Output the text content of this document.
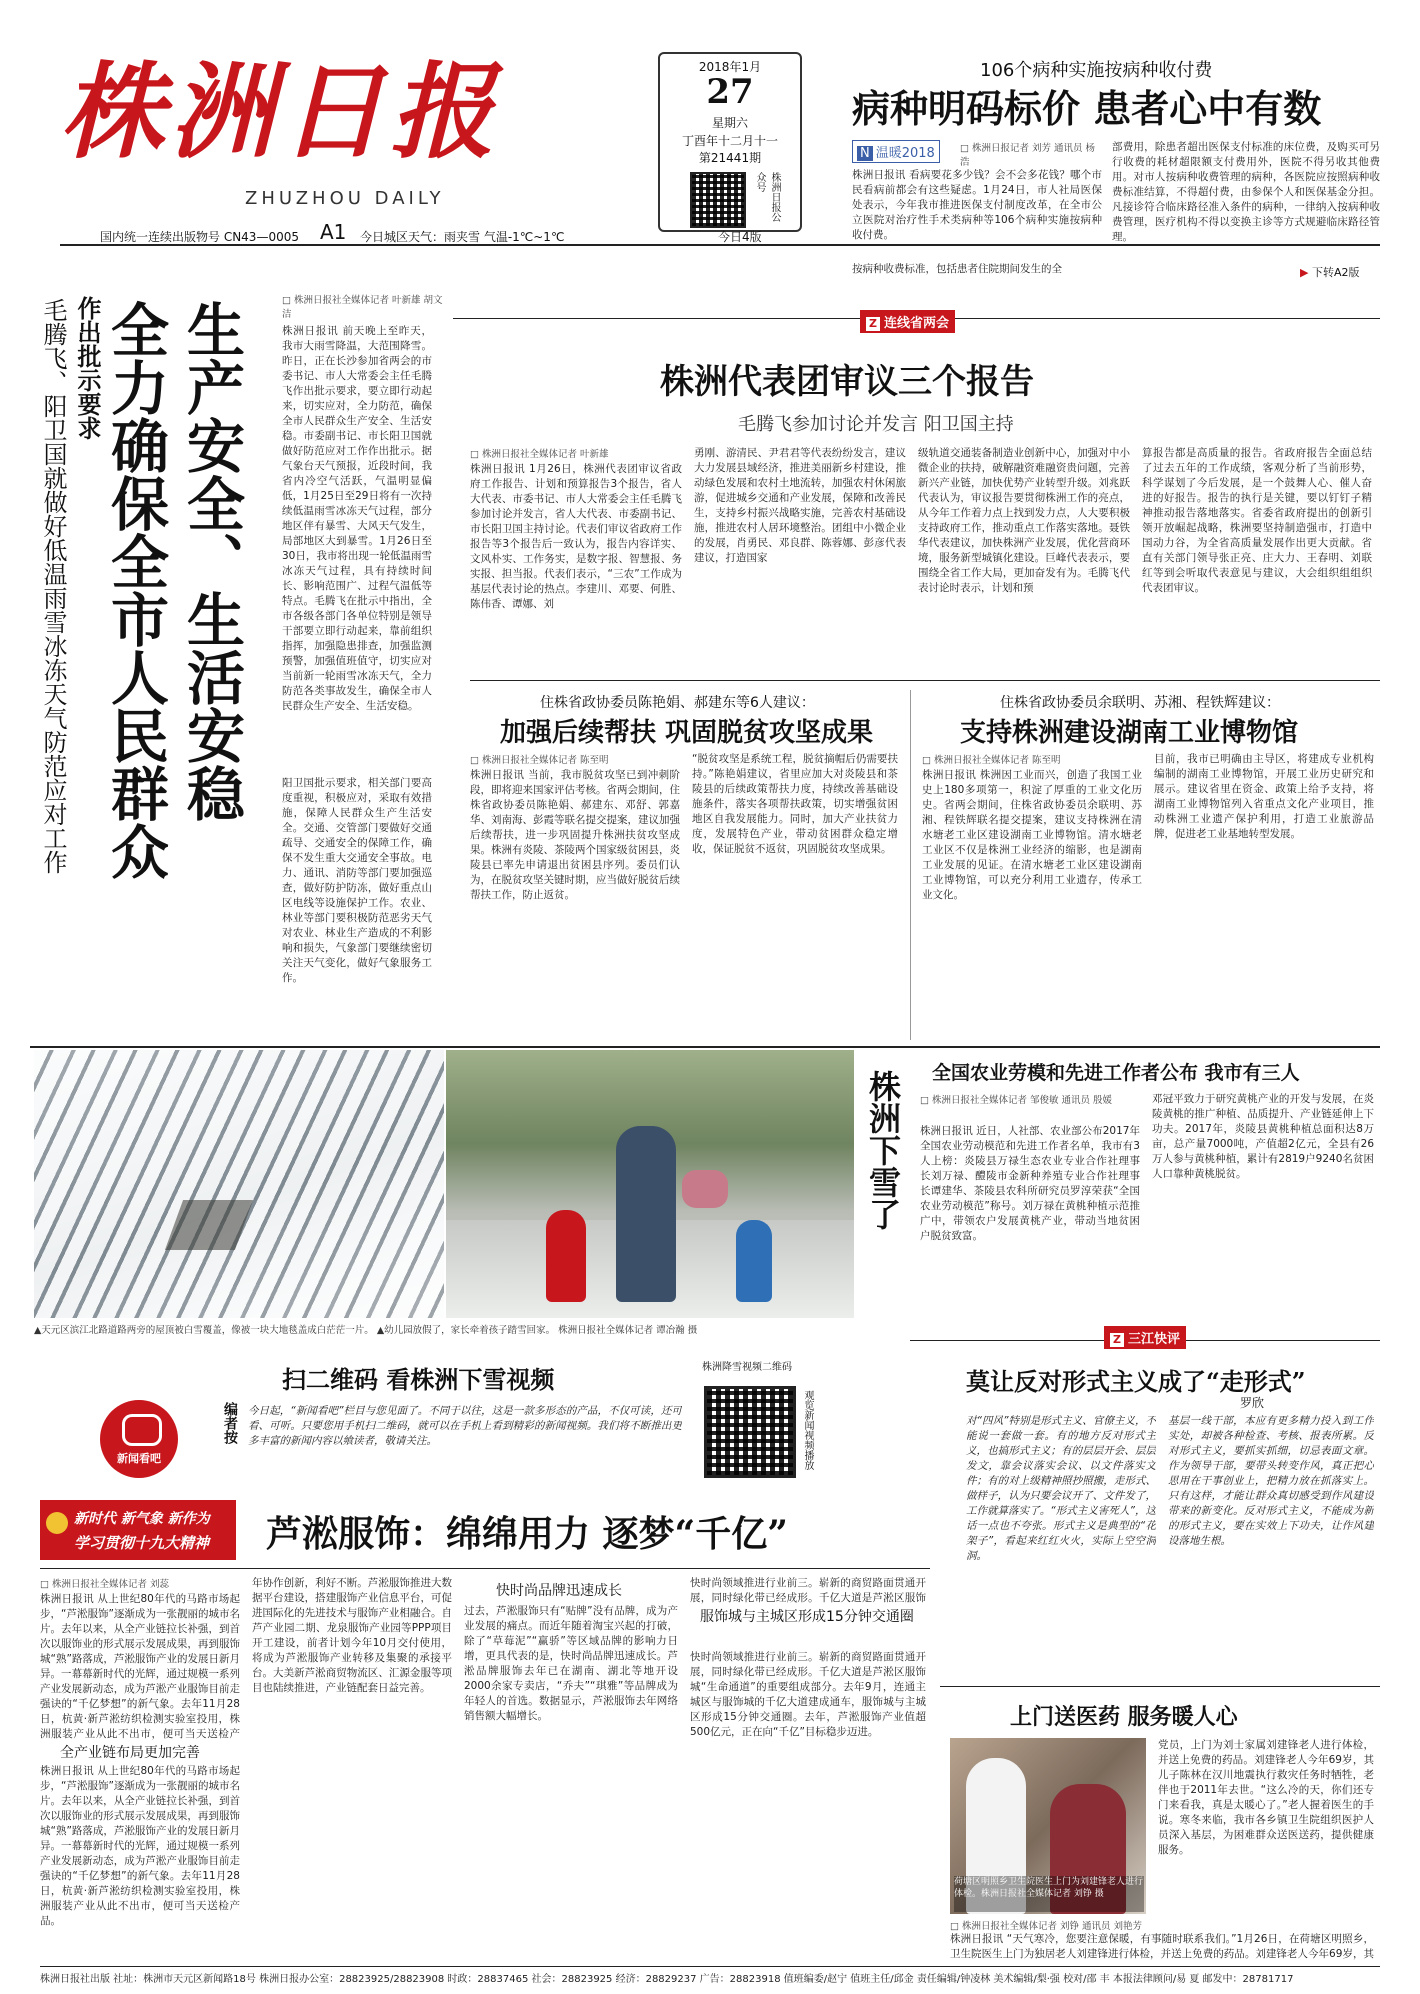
株洲日报
ZHUZHOU DAILY
2018年1月
27
星期六
丁酉年十二月十一
第21441期
株洲日报公众号
国内统一连续出版物号 CN43—0005 A1 今日城区天气：雨夹雪 气温-1℃~1℃	今日4版
106个病种实施按病种收付费
病种明码标价 患者心中有数
N 温暖2018	□ 株洲日报记者 刘芳 通讯员 杨浩
株洲日报讯 看病要花多少钱？会不会多花钱？哪个市民看病前都会有这些疑虑。1月24日，市人社局医保处表示，今年我市推进医保支付制度改革，在全市公立医院对治疗性手术类病种等106个病种实施按病种收付费。
按病种收费标准，包括患者住院期间发生的全
部费用，除患者超出医保支付标准的床位费，及购买可另行收费的耗材超限额支付费用外，医院不得另收其他费用。对市人按病种收费管理的病种，各医院应按照病种收费标准结算，不得超付费，由参保个人和医保基金分担。凡接诊符合临床路径准入条件的病种，一律纳入按病种收费管理，医疗机构不得以变换主诊等方式规避临床路径管理。
▶ 下转A2版
作出批示要求
毛腾飞、阳卫国就做好低温雨雪冰冻天气防范应对工作 生产安全、生活安稳
全力确保全市人民群众	□ 株洲日报社全媒体记者 叶新雄 胡文洁
株洲日报讯 前天晚上至昨天，我市大雨雪降温，大范围降雪。昨日，正在长沙参加省两会的市委书记、市人大常委会主任毛腾飞作出批示要求，要立即行动起来，切实应对，全力防范，确保全市人民群众生产安全、生活安稳。市委副书记、市长阳卫国就做好防范应对工作作出批示。据气象台天气预报，近段时间，我省内冷空气活跃，气温明显偏低，1月25日至29日将有一次持续低温雨雪冰冻天气过程，部分地区伴有暴雪、大风天气发生，局部地区大到暴雪。1月26日至30日，我市将出现一轮低温雨雪冰冻天气过程，具有持续时间长、影响范围广、过程气温低等特点。毛腾飞在批示中指出，全市各级各部门各单位特别是领导干部要立即行动起来，靠前组织指挥，加强隐患排查，加强监测预警，加强值班值守，切实应对当前新一轮雨雪冰冻天气，全力防范各类事故发生，确保全市人民群众生产安全、生活安稳。
阳卫国批示要求，相关部门要高度重视，积极应对，采取有效措施，保障人民群众生产生活安全。交通、交管部门要做好交通疏导、交通安全的保障工作，确保不发生重大交通安全事故。电力、通讯、消防等部门要加强巡查，做好防护防冻，做好重点山区电线等设施保护工作。农业、林业等部门要积极防范恶劣天气对农业、林业生产造成的不利影响和损失，气象部门要继续密切关注天气变化，做好气象服务工作。
Z 连线省两会
株洲代表团审议三个报告
毛腾飞参加讨论并发言 阳卫国主持
□ 株洲日报社全媒体记者 叶新雄
株洲日报讯 1月26日，株洲代表团审议省政府工作报告、计划和预算报告3个报告，省人大代表、市委书记、市人大常委会主任毛腾飞参加讨论并发言，省人大代表、市委副书记、市长阳卫国主持讨论。代表们审议省政府工作报告等3个报告后一致认为，报告内容详实、文风朴实、工作务实，是数字报、智慧报、务实报、担当报。代表们表示，“三农”工作成为基层代表讨论的热点。李建川、邓要、何胜、陈伟香、谭娜、刘
勇刚、游清民、尹君君等代表纷纷发言，建议大力发展县域经济，推进美丽新乡村建设，推动绿色发展和农村土地流转，加强农村休闲旅游，促进城乡交通和产业发展，保障和改善民生，支持乡村振兴战略实施，完善农村基础设施，推进农村人居环境整治。团组中小微企业的发展，肖勇民、邓良群、陈蓉娜、彭彦代表建议，打造国家
级轨道交通装备制造业创新中心，加强对中小微企业的扶持，破解融资难融资贵问题，完善新兴产业链，加快优势产业转型升级。刘兆跃代表认为，审议报告要贯彻株洲工作的亮点，从今年工作着力点上找到发力点，人大要积极支持政府工作，推动重点工作落实落地。聂铁华代表建议，加快株洲产业发展，优化营商环境，服务新型城镇化建设。巨峰代表表示，要围绕全省工作大局，更加奋发有为。毛腾飞代表讨论时表示，计划和预
算报告都是高质量的报告。省政府报告全面总结了过去五年的工作成绩，客观分析了当前形势，科学谋划了今后发展，是一个鼓舞人心、催人奋进的好报告。报告的执行是关键，要以钉钉子精神推动报告落地落实。省委省政府提出的创新引领开放崛起战略，株洲要坚持制造强市，打造中国动力谷，为全省高质量发展作出更大贡献。省直有关部门领导张正亮、庄大力、王春明、刘联红等到会听取代表意见与建议，大会组织组组织代表团审议。
住株省政协委员陈艳娟、郝建东等6人建议：
加强后续帮扶 巩固脱贫攻坚成果
□ 株洲日报社全媒体记者 陈至明
株洲日报讯 当前，我市脱贫攻坚已到冲刺阶段，即将迎来国家评估考核。省两会期间，住株省政协委员陈艳娟、郝建东、邓舒、郭嘉华、刘南海、彭霞等联名提交提案，建议加强后续帮扶，进一步巩固提升株洲扶贫攻坚成果。株洲有炎陵、茶陵两个国家级贫困县，炎陵县已率先申请退出贫困县序列。委员们认为，在脱贫攻坚关键时期，应当做好脱贫后续帮扶工作，防止返贫。
“脱贫攻坚是系统工程，脱贫摘帽后仍需要扶持。”陈艳娟建议，省里应加大对炎陵县和茶陵县的后续政策帮扶力度，持续改善基础设施条件，落实各项帮扶政策，切实增强贫困地区自我发展能力。同时，加大产业扶贫力度，发展特色产业，带动贫困群众稳定增收，保证脱贫不返贫，巩固脱贫攻坚成果。
住株省政协委员余联明、苏湘、程铁辉建议：
支持株洲建设湖南工业博物馆
□ 株洲日报社全媒体记者 陈至明
株洲日报讯 株洲因工业而兴，创造了我国工业史上180多项第一，积淀了厚重的工业文化历史。省两会期间，住株省政协委员余联明、苏湘、程铁辉联名提交提案，建议支持株洲在清水塘老工业区建设湖南工业博物馆。清水塘老工业区不仅是株洲工业经济的缩影，也是湖南工业发展的见证。在清水塘老工业区建设湖南工业博物馆，可以充分利用工业遗存，传承工业文化。
目前，我市已明确由主导区，将建成专业机构编制的湖南工业博物馆，开展工业历史研究和展示。建议省里在资金、政策上给予支持，将湖南工业博物馆列入省重点文化产业项目，推动株洲工业遗产保护利用，打造工业旅游品牌，促进老工业基地转型发展。
株洲下雪了
▲天元区滨江北路道路两旁的屋顶被白雪覆盖，像被一块大地毯盖成白茫茫一片。 ▲幼儿园放假了，家长牵着孩子踏雪回家。 株洲日报社全媒体记者 谭冶瀚 摄
全国农业劳模和先进工作者公布 我市有三人
□ 株洲日报社全媒体记者 邹俊敏 通讯员 殷媛
株洲日报讯 近日，人社部、农业部公布2017年全国农业劳动模范和先进工作者名单，我市有3人上榜：炎陵县万禄生态农业专业合作社理事长刘万禄、醴陵市金新种养殖专业合作社理事长谭建华、茶陵县农科所研究员罗淳荣获“全国农业劳动模范”称号。刘万禄在黄桃种植示范推广中，带领农户发展黄桃产业，带动当地贫困户脱贫致富。
邓冠平致力于研究黄桃产业的开发与发展，在炎陵黄桃的推广种植、品质提升、产业链延伸上下功夫。2017年，炎陵县黄桃种植总面积达8万亩，总产量7000吨，产值超2亿元，全县有26万人参与黄桃种植，累计有2819户9240名贫困人口靠种黄桃脱贫。
新闻看吧
扫二维码 看株洲下雪视频
编者按 今日起，“新闻看吧”栏目与您见面了。不同于以往，这是一款多形态的产品，不仅可读，还可看、可听。只要您用手机扫二维码，就可以在手机上看到精彩的新闻视频。我们将不断推出更多丰富的新闻内容以飨读者，敬请关注。
株洲降雪视频二维码
观览新闻视频播放
Z 三江快评
莫让反对形式主义成了“走形式”
罗欣
对“四风”特别是形式主义、官僚主义，不能说一套做一套。有的地方反对形式主义，也搞形式主义；有的层层开会、层层发文，靠会议落实会议、以文件落实文件；有的对上级精神照抄照搬，走形式、做样子，认为只要会议开了、文件发了，工作就算落实了。“形式主义害死人”，这话一点也不夸张。形式主义是典型的“花架子”，看起来红红火火，实际上空空洞洞。
基层一线干部，本应有更多精力投入到工作实处，却被各种检查、考核、报表所累。反对形式主义，要抓实抓细，切忌表面文章。作为领导干部，要带头转变作风，真正把心思用在干事创业上，把精力放在抓落实上。只有这样，才能让群众真切感受到作风建设带来的新变化。反对形式主义，不能成为新的形式主义，要在实效上下功夫，让作风建设落地生根。
上门送医药 服务暖人心
荷塘区明照乡卫生院医生上门为刘建锋老人进行体检。株洲日报社全媒体记者 刘铮 摄
党员，上门为刘士家属刘建锋老人进行体检，并送上免费的药品。刘建锋老人今年69岁，其儿子陈林在汉川地震执行救灾任务时牺牲，老伴也于2011年去世。“这么冷的天，你们还专门来看我，真是太暖心了。”老人握着医生的手说。寒冬来临，我市各乡镇卫生院组织医护人员深入基层，为困难群众送医送药，提供健康服务。
□ 株洲日报社全媒体记者 刘铮 通讯员 刘艳芳
株洲日报讯 “天气寒冷，您要注意保暖，有事随时联系我们。”1月26日，在荷塘区明照乡，卫生院医生上门为独居老人刘建锋进行体检，并送上免费的药品。刘建锋老人今年69岁，其
新时代 新气象 新作为
学习贯彻十九大精神 芦淞服饰：绵绵用力 逐梦“千亿”
□ 株洲日报社全媒体记者 刘蕊
株洲日报讯 从上世纪80年代的马路市场起步，“芦淞服饰”逐渐成为一张靓丽的城市名片。去年以来，从全产业链拉长补强，到首次以服饰业的形式展示发展成果，再到服饰城“熟”路落成，芦淞服饰产业的发展日新月异。一幕幕新时代的光辉，通过规模一系列产业发展新动态，成为芦淞产业服饰目前走强诀的“千亿梦想”的新气象。去年11月28日，杭黄·新芦淞纺织检测实验室投用，株洲服装产业从此不出市，便可当天送检产
全产业链布局更加完善
株洲日报讯 从上世纪80年代的马路市场起步，“芦淞服饰”逐渐成为一张靓丽的城市名片。去年以来，从全产业链拉长补强，到首次以服饰业的形式展示发展成果，再到服饰城“熟”路落成，芦淞服饰产业的发展日新月异。一幕幕新时代的光辉，通过规模一系列产业发展新动态，成为芦淞产业服饰目前走强诀的“千亿梦想”的新气象。去年11月28日，杭黄·新芦淞纺织检测实验室投用，株洲服装产业从此不出市，便可当天送检产品。
年协作创新，利好不断。芦淞服饰推进大数据平台建设，搭建服饰产业信息平台，可促进国际化的先进技术与服饰产业相融合。自芦产业园二期、龙泉服饰产业园等PPP项目开工建设，前者计划今年10月交付使用，将成为芦淞服饰产业转移及集聚的承接平台。大美新芦淞商贸物流区、汇源金服等项目也陆续推进，产业链配套日益完善。
快时尚品牌迅速成长
过去，芦淞服饰只有“贴牌”没有品牌，成为产业发展的痛点。而近年随着淘宝兴起的打破，除了“草莓泥”“赢骄”等区域品牌的影响力日增，更具代表的是，快时尚品牌迅速成长。芦淞品牌服饰去年已在湖南、湖北等地开设2000余家专卖店，“乔夫”“琪雅”等品牌成为年轻人的首选。数据显示，芦淞服饰去年网络销售额大幅增长。
快时尚领域推进行业前三。崭新的商贸路面贯通开展，同时绿化带已经成形。千亿大道是芦淞区服饰
服饰城与主城区形成15分钟交通圈
快时尚领域推进行业前三。崭新的商贸路面贯通开展，同时绿化带已经成形。千亿大道是芦淞区服饰城“生命通道”的重要组成部分。去年9月，连通主城区与服饰城的千亿大道建成通车，服饰城与主城区形成15分钟交通圈。去年，芦淞服饰产业值超500亿元，正在向“千亿”目标稳步迈进。
株洲日报社出版 社址：株洲市天元区新闻路18号 株洲日报办公室：28823925/28823908 时政：28837465 社会：28823925 经济：28829237 广告：28823918 值班编委/赵宁 值班主任/邱金 责任编辑/钟凌林 美术编辑/梨·强 校对/邵 丰 本报法律顾问/易 夏 邮发中：28781717
